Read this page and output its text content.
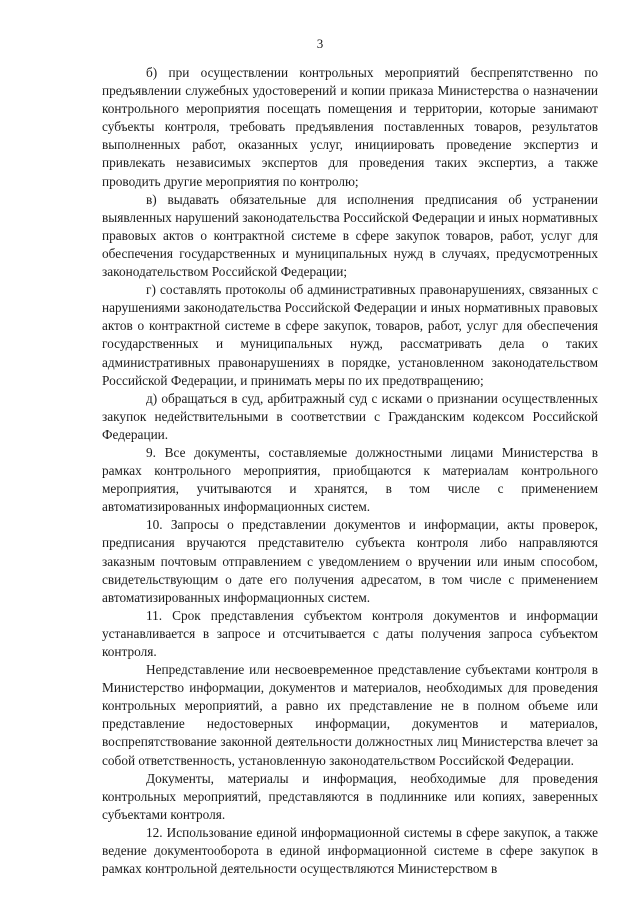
3

б) при осуществлении контрольных мероприятий беспрепятственно по предъявлении служебных удостоверений и копии приказа Министерства о назначении контрольного мероприятия посещать помещения и территории, которые занимают субъекты контроля, требовать предъявления поставленных товаров, результатов выполненных работ, оказанных услуг, инициировать проведение экспертиз и привлекать независимых экспертов для проведения таких экспертиз, а также проводить другие мероприятия по контролю;

в) выдавать обязательные для исполнения предписания об устранении выявленных нарушений законодательства Российской Федерации и иных нормативных правовых актов о контрактной системе в сфере закупок товаров, работ, услуг для обеспечения государственных и муниципальных нужд в случаях, предусмотренных законодательством Российской Федерации;

г) составлять протоколы об административных правонарушениях, связанных с нарушениями законодательства Российской Федерации и иных нормативных правовых актов о контрактной системе в сфере закупок, товаров, работ, услуг для обеспечения государственных и муниципальных нужд, рассматривать дела о таких административных правонарушениях в порядке, установленном законодательством Российской Федерации, и принимать меры по их предотвращению;

д) обращаться в суд, арбитражный суд с исками о признании осуществленных закупок недействительными в соответствии с Гражданским кодексом Российской Федерации.

9. Все документы, составляемые должностными лицами Министерства в рамках контрольного мероприятия, приобщаются к материалам контрольного мероприятия, учитываются и хранятся, в том числе с применением автоматизированных информационных систем.

10. Запросы о представлении документов и информации, акты проверок, предписания вручаются представителю субъекта контроля либо направляются заказным почтовым отправлением с уведомлением о вручении или иным способом, свидетельствующим о дате его получения адресатом, в том числе с применением автоматизированных информационных систем.

11. Срок представления субъектом контроля документов и информации устанавливается в запросе и отсчитывается с даты получения запроса субъектом контроля.

Непредставление или несвоевременное представление субъектами контроля в Министерство информации, документов и материалов, необходимых для проведения контрольных мероприятий, а равно их представление не в полном объеме или представление недостоверных информации, документов и материалов, воспрепятствование законной деятельности должностных лиц Министерства влечет за собой ответственность, установленную законодательством Российской Федерации.

Документы, материалы и информация, необходимые для проведения контрольных мероприятий, представляются в подлиннике или копиях, заверенных субъектами контроля.

12. Использование единой информационной системы в сфере закупок, а также ведение документооборота в единой информационной системе в сфере закупок в рамках контрольной деятельности осуществляются Министерством в
